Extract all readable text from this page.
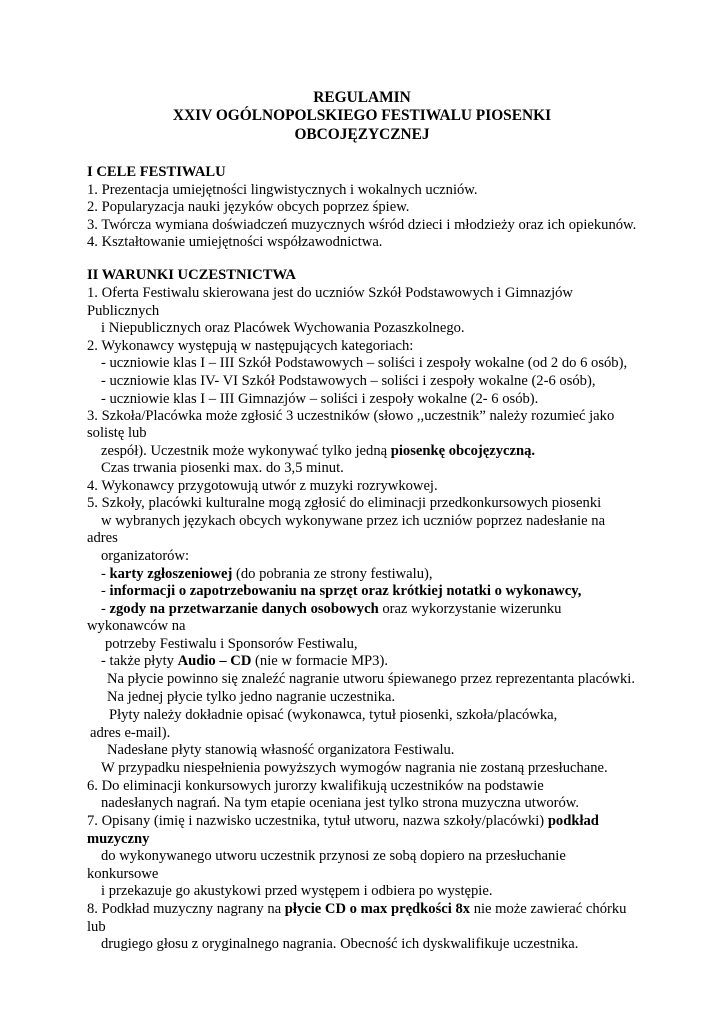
REGULAMIN
XXIV OGÓLNOPOLSKIEGO FESTIWALU PIOSENKI
OBCOJĘZYCZNEJ
I CELE FESTIWALU
1. Prezentacja umiejętności lingwistycznych i wokalnych uczniów.
2. Popularyzacja nauki języków obcych poprzez śpiew.
3. Twórcza wymiana doświadczeń muzycznych wśród dzieci i młodzieży oraz ich opiekunów.
4. Kształtowanie umiejętności współzawodnictwa.
II WARUNKI UCZESTNICTWA
1. Oferta Festiwalu skierowana jest do uczniów Szkół Podstawowych i Gimnazjów
Publicznych
i Niepublicznych oraz Placówek Wychowania Pozaszkolnego.
2. Wykonawcy występują w następujących kategoriach:
- uczniowie klas I – III Szkół Podstawowych – soliści i zespoły wokalne (od 2 do 6 osób),
- uczniowie klas IV- VI Szkół Podstawowych – soliści i zespoły wokalne (2-6 osób),
- uczniowie klas I – III Gimnazjów – soliści i zespoły wokalne (2- 6 osób).
3. Szkoła/Placówka może zgłosić 3 uczestników (słowo ,,uczestnik” należy rozumieć jako
solistę lub
zespół). Uczestnik może wykonywać tylko jedną piosenkę obcojęzyczną.
Czas trwania piosenki max. do 3,5 minut.
4. Wykonawcy przygotowują utwór z muzyki rozrywkowej.
5. Szkoły, placówki kulturalne mogą zgłosić do eliminacji przedkonkursowych piosenki
w wybranych językach obcych wykonywane przez ich uczniów poprzez nadesłanie na
adres
organizatorów:
- karty zgłoszeniowej (do pobrania ze strony festiwalu),
- informacji o zapotrzebowaniu na sprzęt oraz krótkiej notatki o wykonawcy,
- zgody na przetwarzanie danych osobowych oraz wykorzystanie wizerunku
wykonawców na
potrzeby Festiwalu i Sponsorów Festiwalu,
- także płyty Audio – CD (nie w formacie MP3).
Na płycie powinno się znaleźć nagranie utworu śpiewanego przez reprezentanta placówki.
Na jednej płycie tylko jedno nagranie uczestnika.
Płyty należy dokładnie opisać (wykonawca, tytuł piosenki, szkoła/placówka,
adres e-mail).
Nadesłane płyty stanowią własność organizatora Festiwalu.
W przypadku niespełnienia powyższych wymogów nagrania nie zostaną przesłuchane.
6. Do eliminacji konkursowych jurorzy kwalifikują uczestników na podstawie
nadesłanych nagrań. Na tym etapie oceniana jest tylko strona muzyczna utworów.
7. Opisany (imię i nazwisko uczestnika, tytuł utworu, nazwa szkoły/placówki) podkład
muzyczny
do wykonywanego utworu uczestnik przynosi ze sobą dopiero na przesłuchanie
konkursowe
i przekazuje go akustykowi przed występem i odbiera po występie.
8. Podkład muzyczny nagrany na płycie CD o max prędkości 8x nie może zawierać chórku
lub
drugiego głosu z oryginalnego nagrania. Obecność ich dyskwalifikuje uczestnika.
